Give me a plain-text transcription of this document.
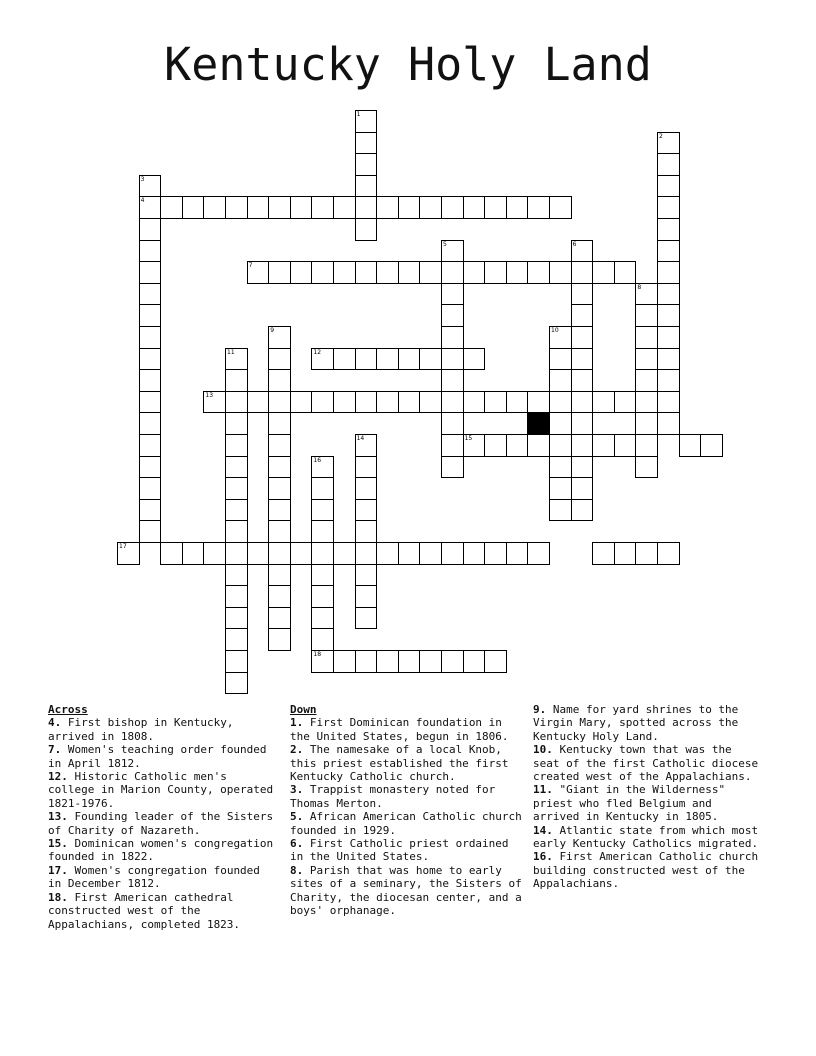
Kentucky Holy Land
1
2
3
4
5	6
7
8
9	10
11	12
13
14	15
16
18
17
Across

4. First bishop in Kentucky, arrived in 1808.

7. Women's teaching order founded in April 1812.

12. Historic Catholic men's college in Marion County, operated 1821-1976.

13. Founding leader of the Sisters of Charity of Nazareth.

15. Dominican women's congregation founded in 1822.

17. Women's congregation founded in December 1812.

18. First American cathedral constructed west of the Appalachians, completed 1823.

Down

1. First Dominican foundation in the United States, begun in 1806.

2. The namesake of a local Knob, this priest established the first Kentucky Catholic church.

3. Trappist monastery noted for Thomas Merton.

5. African American Catholic church founded in 1929.

6. First Catholic priest ordained in the United States.

8. Parish that was home to early sites of a seminary, the Sisters of Charity, the diocesan center, and a boys' orphanage.

9. Name for yard shrines to the Virgin Mary, spotted across the Kentucky Holy Land.

10. Kentucky town that was the seat of the first Catholic diocese created west of the Appalachians.

11. "Giant in the Wilderness" priest who fled Belgium and arrived in Kentucky in 1805.

14. Atlantic state from which most early Kentucky Catholics migrated.

16. First American Catholic church building constructed west of the Appalachians.
